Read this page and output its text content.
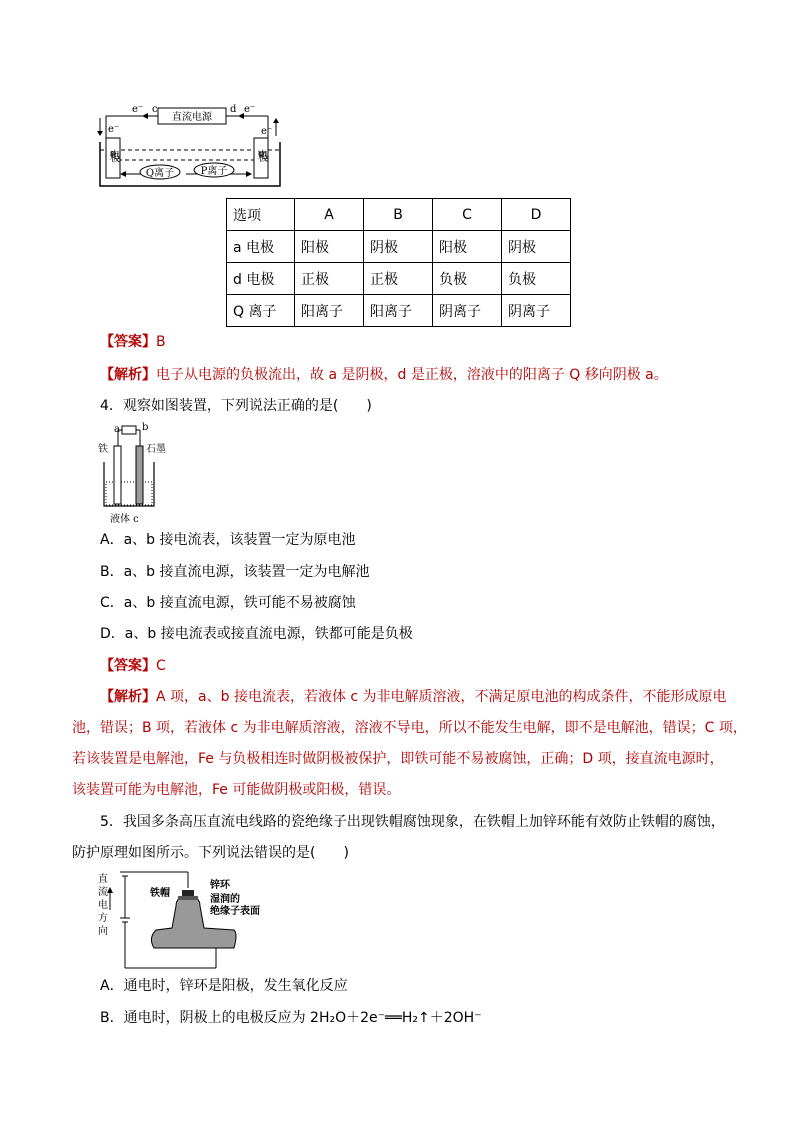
直流电源
e⁻ c	d e⁻
e⁻	e⁻
Q离子	P离子
a 电 极	b 电 极
选项	A	B	C	D
a 电极	阳极	阴极	阳极	阴极
d 电极	正极	正极	负极	负极
Q 离子	阳离子	阳离子	阴离子	阴离子
【答案】B
【解析】电子从电源的负极流出，故 a 是阴极，d 是正极，溶液中的阳离子 Q 移向阴极 a。
4．观察如图装置，下列说法正确的是(　　)
a b
铁	石墨
液体 c
A．a、b 接电流表，该装置一定为原电池
B．a、b 接直流电源，该装置一定为电解池
C．a、b 接直流电源，铁可能不易被腐蚀
D．a、b 接电流表或接直流电源，铁都可能是负极
【答案】C
【解析】A 项，a、b 接电流表，若液体 c 为非电解质溶液，不满足原电池的构成条件，不能形成原电
池，错误；B 项，若液体 c 为非电解质溶液，溶液不导电，所以不能发生电解，即不是电解池，错误；C 项，
若该装置是电解池，Fe 与负极相连时做阴极被保护，即铁可能不易被腐蚀，正确；D 项，接直流电源时，
该装置可能为电解池，Fe 可能做阴极或阳极，错误。
5．我国多条高压直流电线路的瓷绝缘子出现铁帽腐蚀现象，在铁帽上加锌环能有效防止铁帽的腐蚀，
防护原理如图所示。下列说法错误的是(　　)
直
流
电
方
向
铁帽
锌环
湿润的
绝缘子表面
A．通电时，锌环是阳极，发生氧化反应
B．通电时，阴极上的电极反应为 2H₂O＋2e⁻══H₂↑＋2OH⁻
